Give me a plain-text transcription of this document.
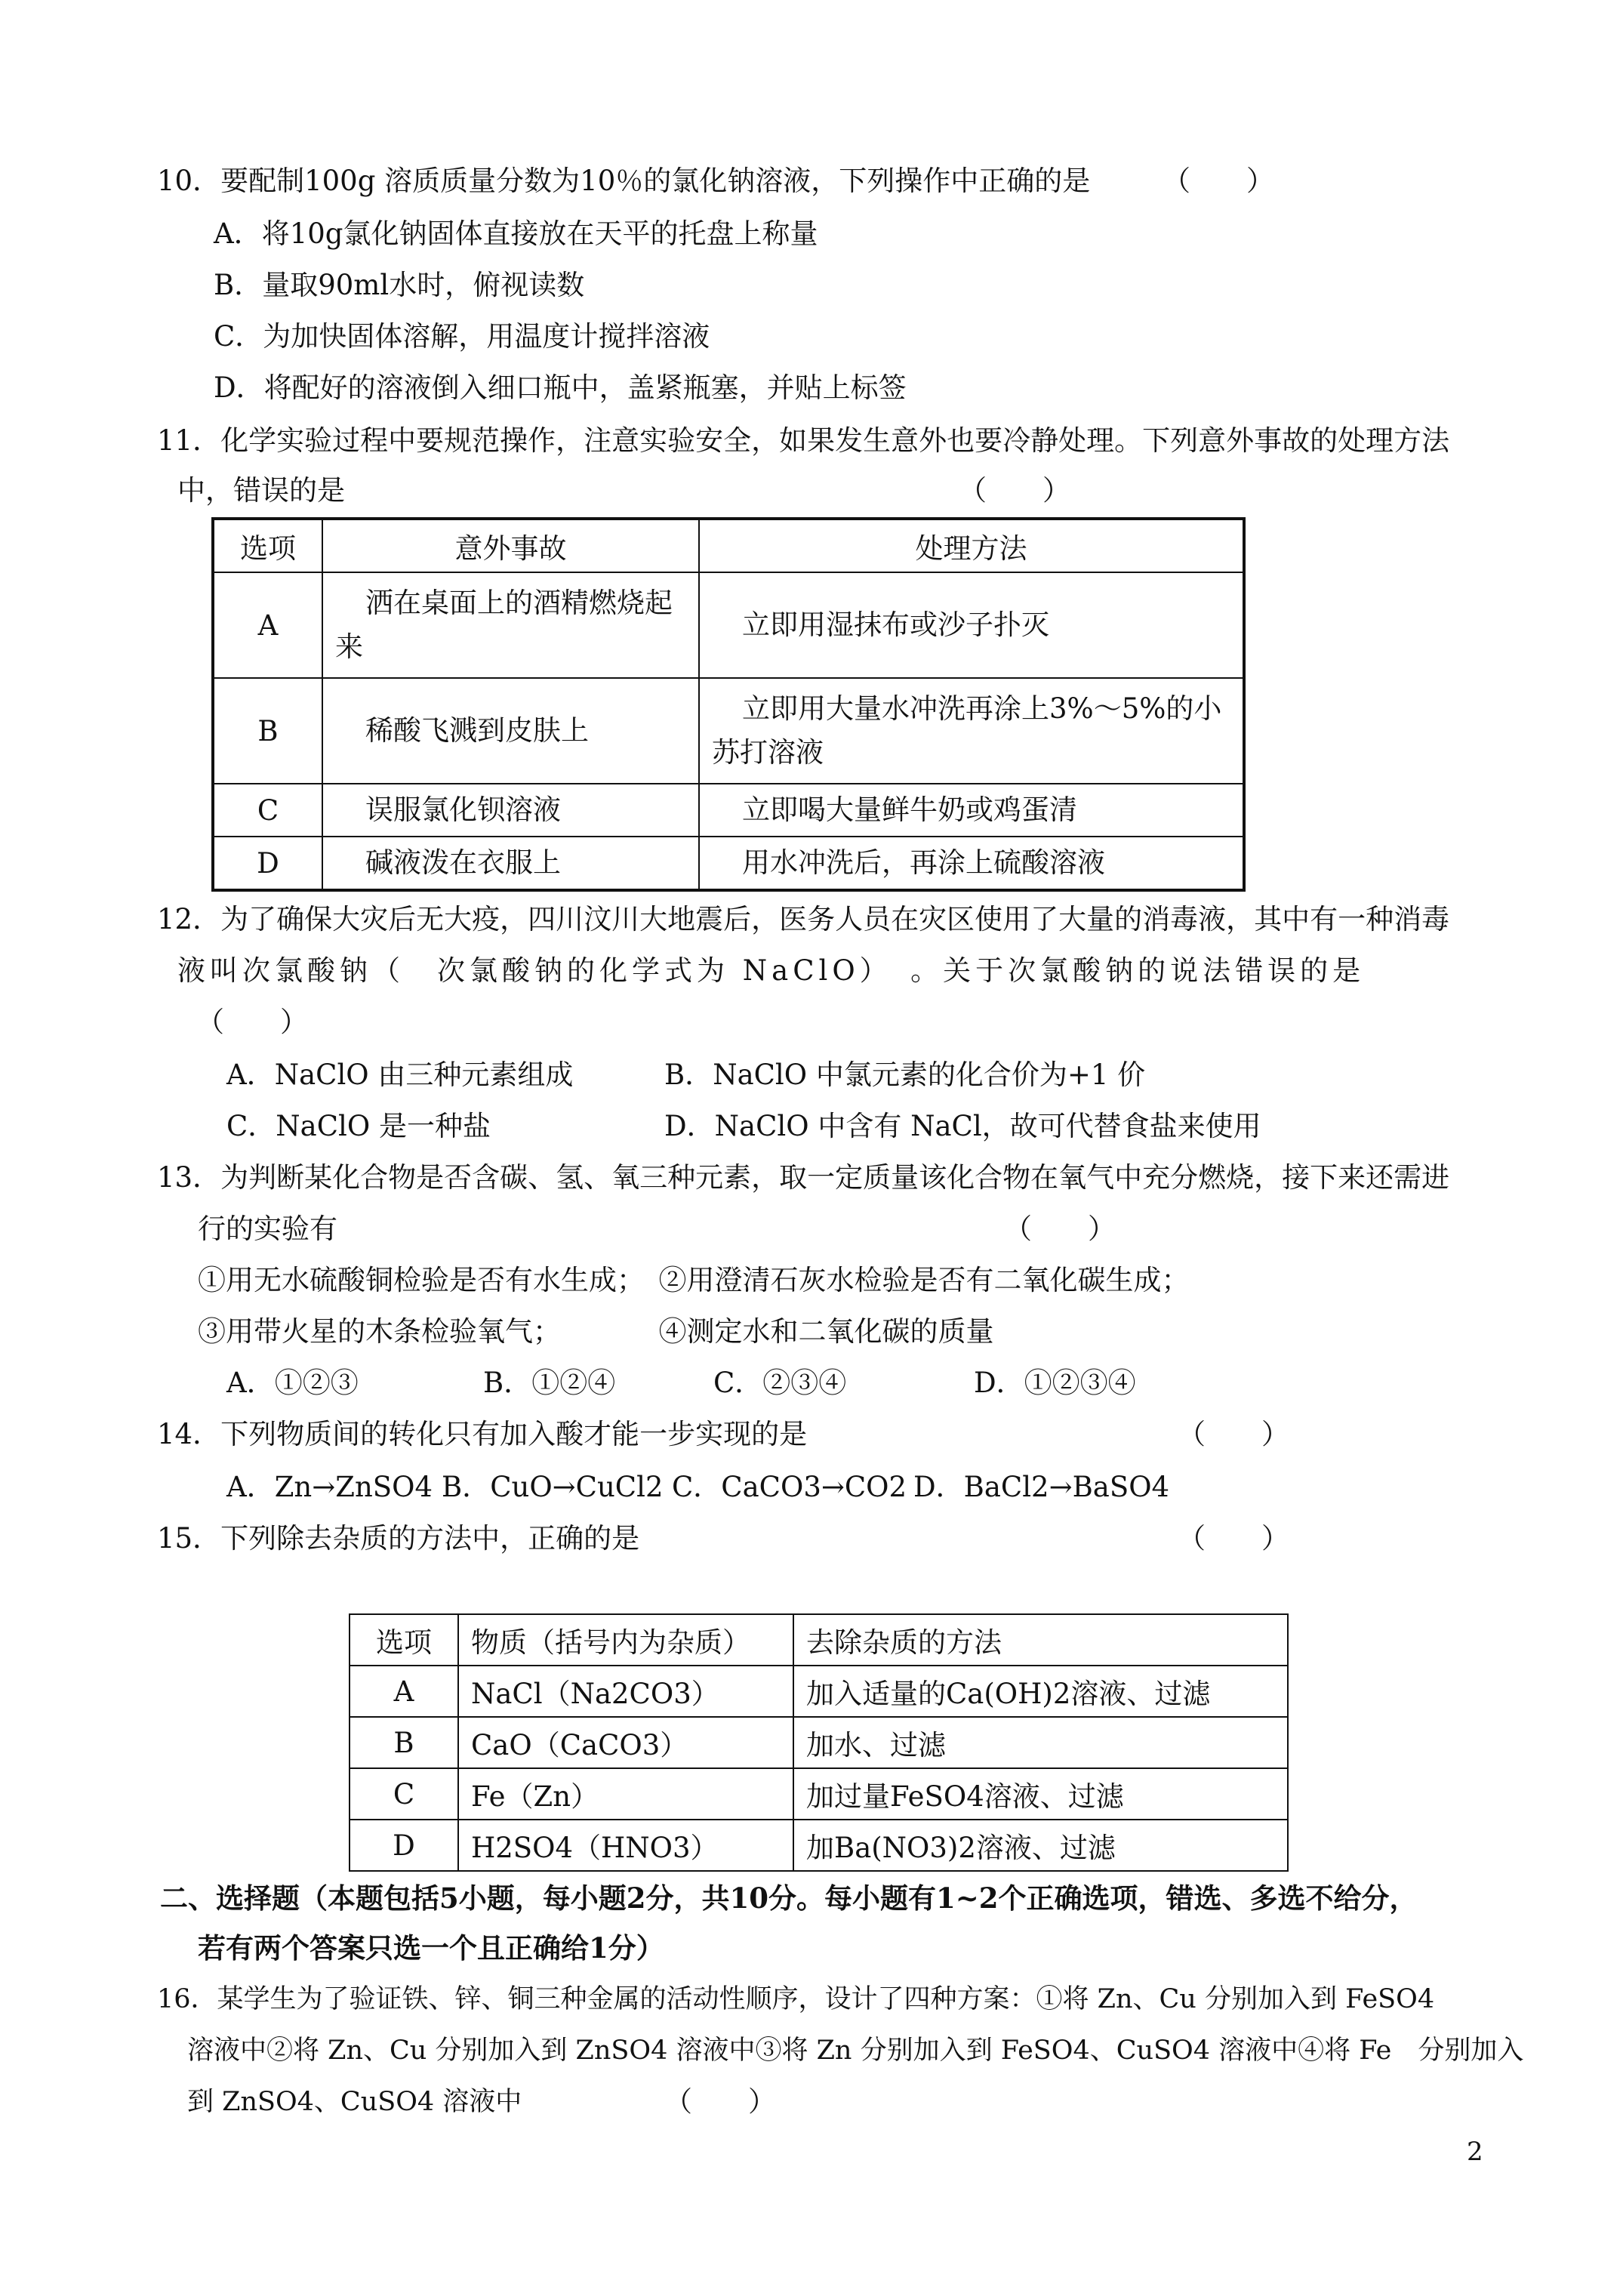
10．要配制100g 溶质质量分数为10％的氯化钠溶液，下列操作中正确的是	（　　）
A．将10g氯化钠固体直接放在天平的托盘上称量
B．量取90ml水时，俯视读数
C．为加快固体溶解，用温度计搅拌溶液
D．将配好的溶液倒入细口瓶中，盖紧瓶塞，并贴上标签
11．化学实验过程中要规范操作，注意实验安全，如果发生意外也要冷静处理。下列意外事故的处理方法
中，错误的是	（　　）
选项	意外事故	处理方法
A	洒在桌面上的酒精燃烧起来	立即用湿抹布或沙子扑灭

B	稀酸飞溅到皮肤上	立即用大量水冲洗再涂上3%～5%的小苏打溶液

C	误服氯化钡溶液	立即喝大量鲜牛奶或鸡蛋清

D	碱液泼在衣服上	用水冲洗后，再涂上硫酸溶液
12．为了确保大灾后无大疫，四川汶川大地震后，医务人员在灾区使用了大量的消毒液，其中有一种消毒
液叫次氯酸钠（　次氯酸钠的化学式为 NaClO）　。关于次氯酸钠的说法错误的是
（　　）
A．NaClO 由三种元素组成	B．NaClO 中氯元素的化合价为+1 价
C．NaClO 是一种盐	D．NaClO 中含有 NaCl，故可代替食盐来使用
13．为判断某化合物是否含碳、氢、氧三种元素，取一定质量该化合物在氧气中充分燃烧，接下来还需进
行的实验有	（　　）
①用无水硫酸铜检验是否有水生成；　②用澄清石灰水检验是否有二氧化碳生成；
③用带火星的木条检验氧气；　　　　④测定水和二氧化碳的质量
A．①②③	B．①②④	C．②③④	D．①②③④
14．下列物质间的转化只有加入酸才能一步实现的是	（　　）
A．Zn→ZnSO4 B．CuO→CuCl2 C．CaCO3→CO2 D．BaCl2→BaSO4
15．下列除去杂质的方法中，正确的是	（　　）
选项	物质（括号内为杂质）	去除杂质的方法
A	NaCl（Na2CO3）	加入适量的Ca(OH)2溶液、过滤
B	CaO（CaCO3）	加水、过滤
C	Fe（Zn）	加过量FeSO4溶液、过滤
D	H2SO4（HNO3）	加Ba(NO3)2溶液、过滤
二、选择题（本题包括5小题，每小题2分，共10分。每小题有1~2个正确选项，错选、多选不给分，
若有两个答案只选一个且正确给1分）
16．某学生为了验证铁、锌、铜三种金属的活动性顺序，设计了四种方案：①将 Zn、Cu 分别加入到 FeSO4
溶液中②将 Zn、Cu 分别加入到 ZnSO4 溶液中③将 Zn 分别加入到 FeSO4、CuSO4 溶液中④将 Fe　分别加入
到 ZnSO4、CuSO4 溶液中	（　　）
2
